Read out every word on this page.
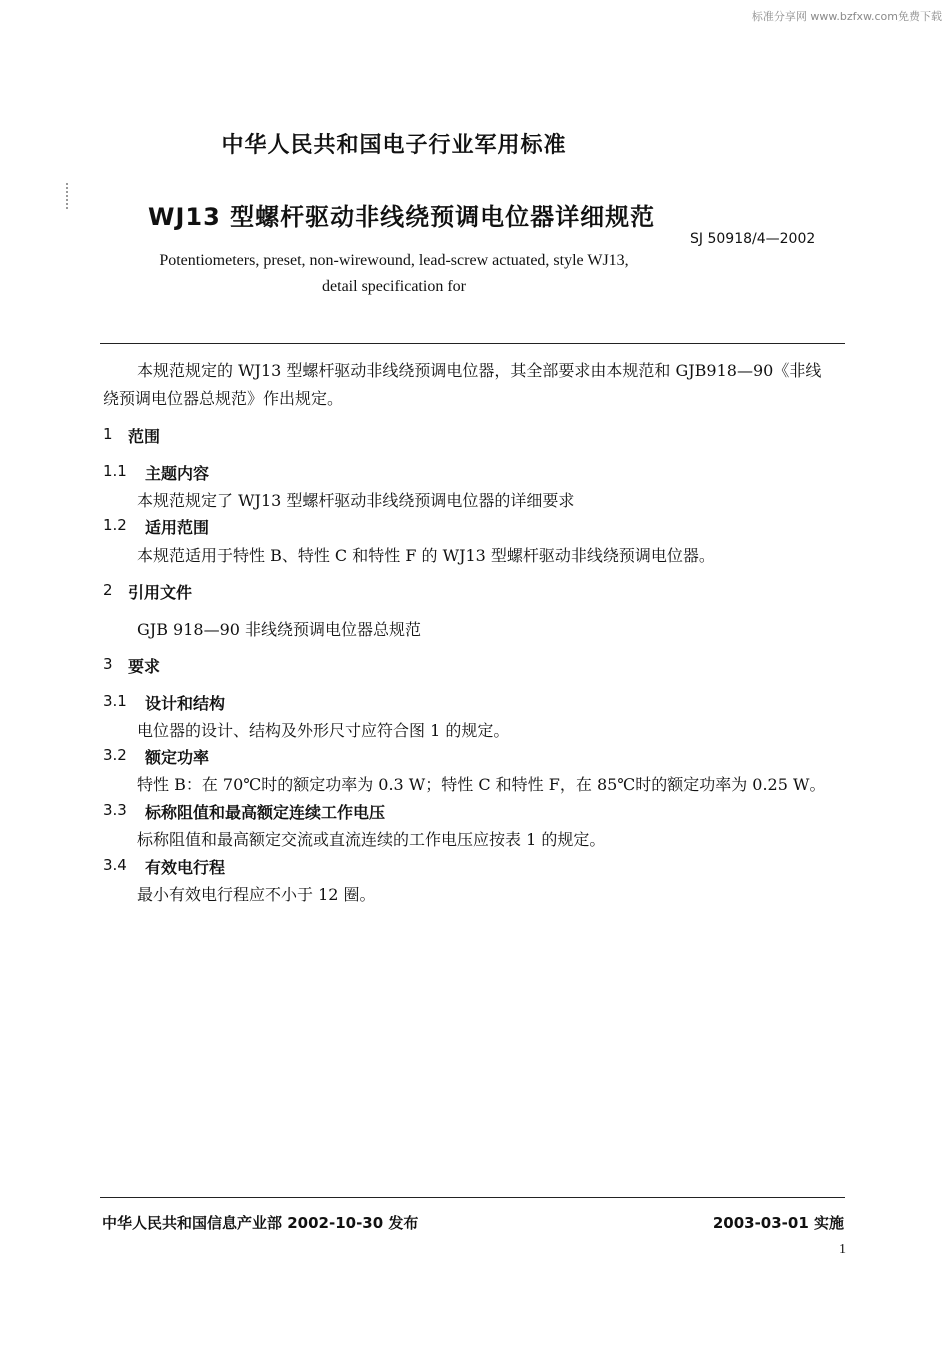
标准分享网 www.bzfxw.com免费下载
中华人民共和国电子行业军用标准
WJ13 型螺杆驱动非线绕预调电位器详细规范
SJ 50918/4—2002
Potentiometers, preset, non-wirewound, lead-screw actuated, style WJ13,
detail specification for
本规范规定的 WJ13 型螺杆驱动非线绕预调电位器，其全部要求由本规范和 GJB918—90《非线
绕预调电位器总规范》作出规定。
1 范围
1.1 主题内容
本规范规定了 WJ13 型螺杆驱动非线绕预调电位器的详细要求
1.2 适用范围
本规范适用于特性 B、特性 C 和特性 F 的 WJ13 型螺杆驱动非线绕预调电位器。
2 引用文件
GJB 918—90 非线绕预调电位器总规范
3 要求
3.1 设计和结构
电位器的设计、结构及外形尺寸应符合图 1 的规定。
3.2 额定功率
特性 B：在 70℃时的额定功率为 0.3 W；特性 C 和特性 F，在 85℃时的额定功率为 0.25 W。
3.3 标称阻值和最高额定连续工作电压
标称阻值和最高额定交流或直流连续的工作电压应按表 1 的规定。
3.4 有效电行程
最小有效电行程应不小于 12 圈。
中华人民共和国信息产业部 2002-10-30 发布	2003-03-01 实施
1
